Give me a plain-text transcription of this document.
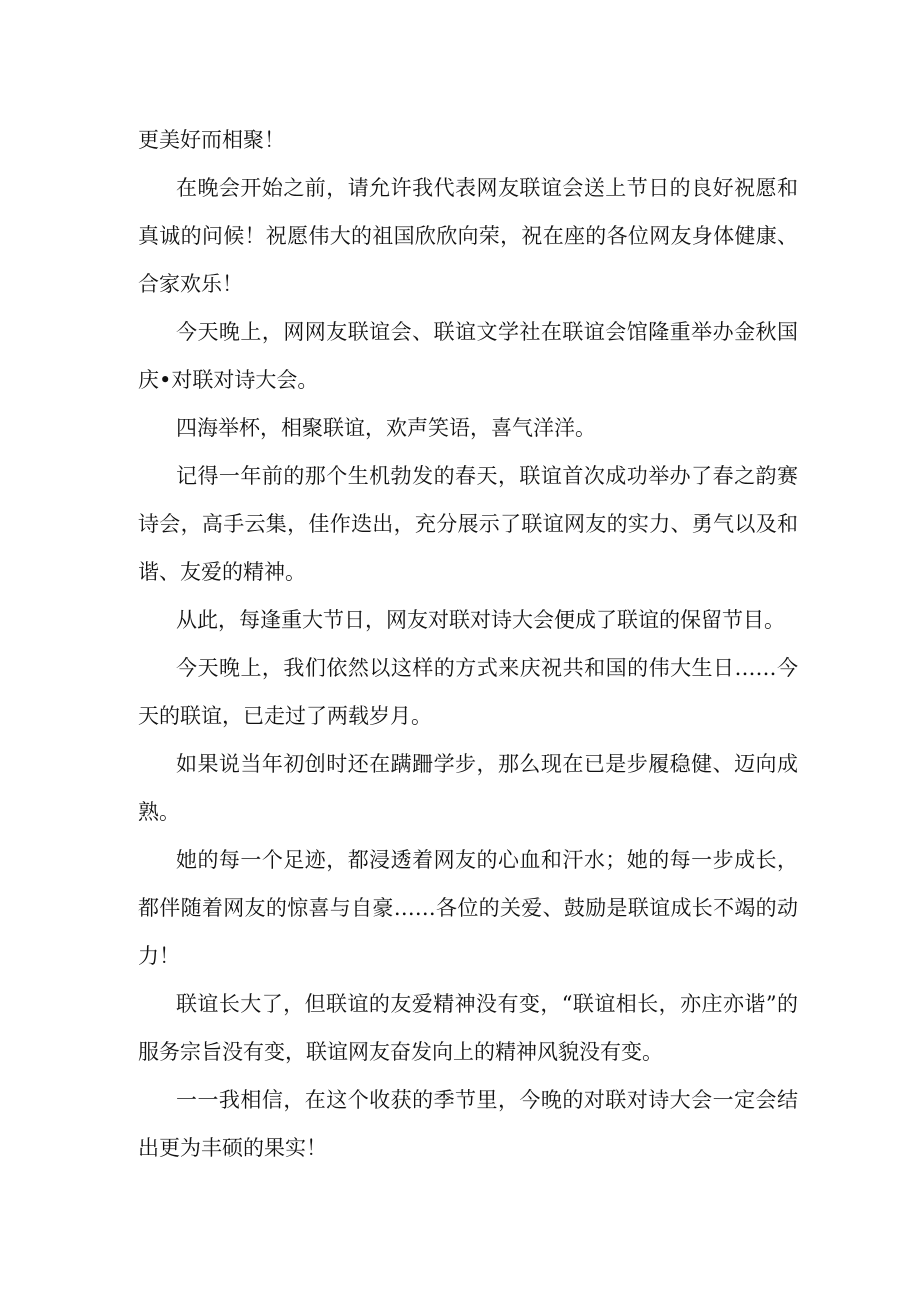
更美好而相聚！

在晚会开始之前，请允许我代表网友联谊会送上节日的良好祝愿和真诚的问候！祝愿伟大的祖国欣欣向荣，祝在座的各位网友身体健康、合家欢乐！

今天晚上，网网友联谊会、联谊文学社在联谊会馆隆重举办金秋国庆•对联对诗大会。

四海举杯，相聚联谊，欢声笑语，喜气洋洋。

记得一年前的那个生机勃发的春天，联谊首次成功举办了春之韵赛诗会，高手云集，佳作迭出，充分展示了联谊网友的实力、勇气以及和谐、友爱的精神。

从此，每逢重大节日，网友对联对诗大会便成了联谊的保留节目。

今天晚上，我们依然以这样的方式来庆祝共和国的伟大生日……今天的联谊，已走过了两载岁月。

如果说当年初创时还在蹒跚学步，那么现在已是步履稳健、迈向成熟。

她的每一个足迹，都浸透着网友的心血和汗水；她的每一步成长，都伴随着网友的惊喜与自豪……各位的关爱、鼓励是联谊成长不竭的动力！

联谊长大了，但联谊的友爱精神没有变，“联谊相长，亦庄亦谐”的服务宗旨没有变，联谊网友奋发向上的精神风貌没有变。

一一我相信，在这个收获的季节里，今晚的对联对诗大会一定会结出更为丰硕的果实！
